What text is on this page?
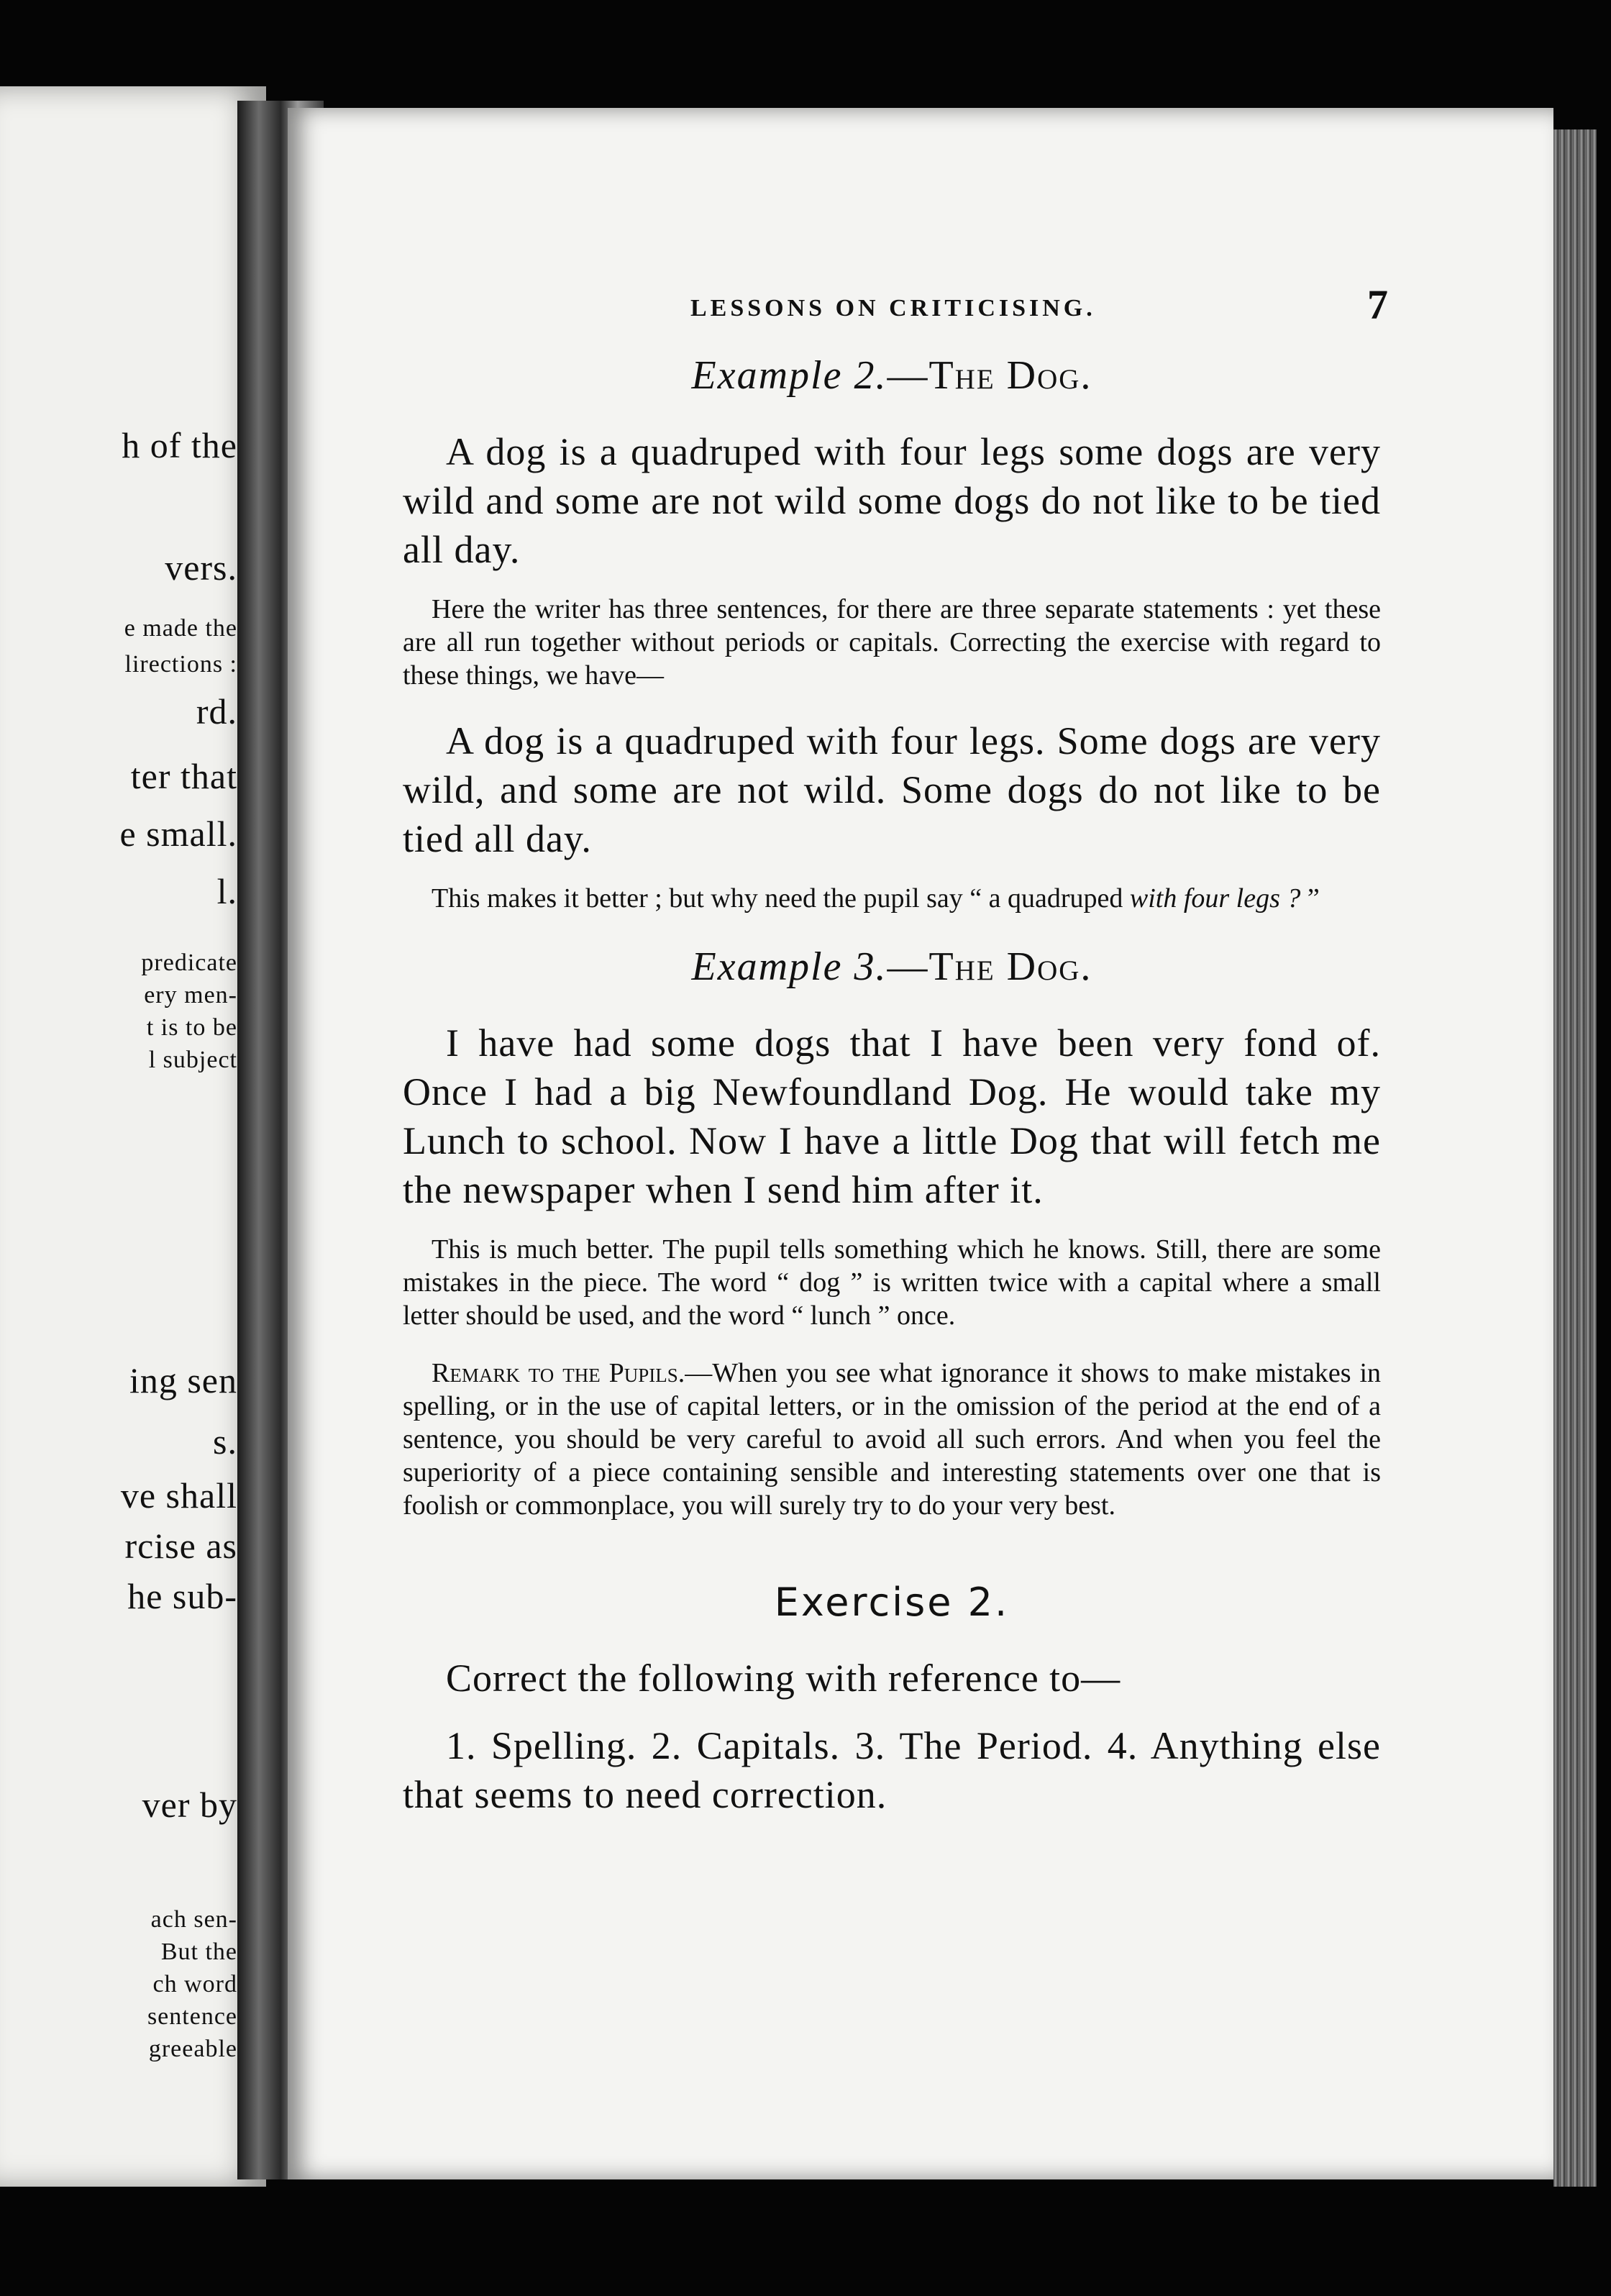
h of the
vers.
e made the
lirections :
rd.
ter that
e small.
l.
predicate
ery men-
t is to be
l subject
ing sen
s.
ve shall
rcise as
he sub-
ver by
ach sen-
But the
ch word
sentence
greeable
LESSONS ON CRITICISING.	7
Example 2.—The Dog.

A dog is a quadruped with four legs some dogs are very wild and some are not wild some dogs do not like to be tied all day.

Here the writer has three sentences, for there are three separate statements : yet these are all run together without periods or capitals. Correcting the exercise with regard to these things, we have—

A dog is a quadruped with four legs. Some dogs are very wild, and some are not wild. Some dogs do not like to be tied all day.

This makes it better ; but why need the pupil say “ a quadruped with four legs ? ”

Example 3.—The Dog.

I have had some dogs that I have been very fond of. Once I had a big Newfoundland Dog. He would take my Lunch to school. Now I have a little Dog that will fetch me the newspaper when I send him after it.

This is much better. The pupil tells something which he knows. Still, there are some mistakes in the piece. The word “ dog ” is written twice with a capital where a small letter should be used, and the word “ lunch ” once.

Remark to the Pupils.—When you see what ignorance it shows to make mistakes in spelling, or in the use of capital letters, or in the omission of the period at the end of a sentence, you should be very careful to avoid all such errors. And when you feel the superiority of a piece containing sensible and interesting statements over one that is foolish or commonplace, you will surely try to do your very best.

Exercise 2.

Correct the following with reference to—

1. Spelling. 2. Capitals. 3. The Period. 4. Anything else that seems to need correction.
